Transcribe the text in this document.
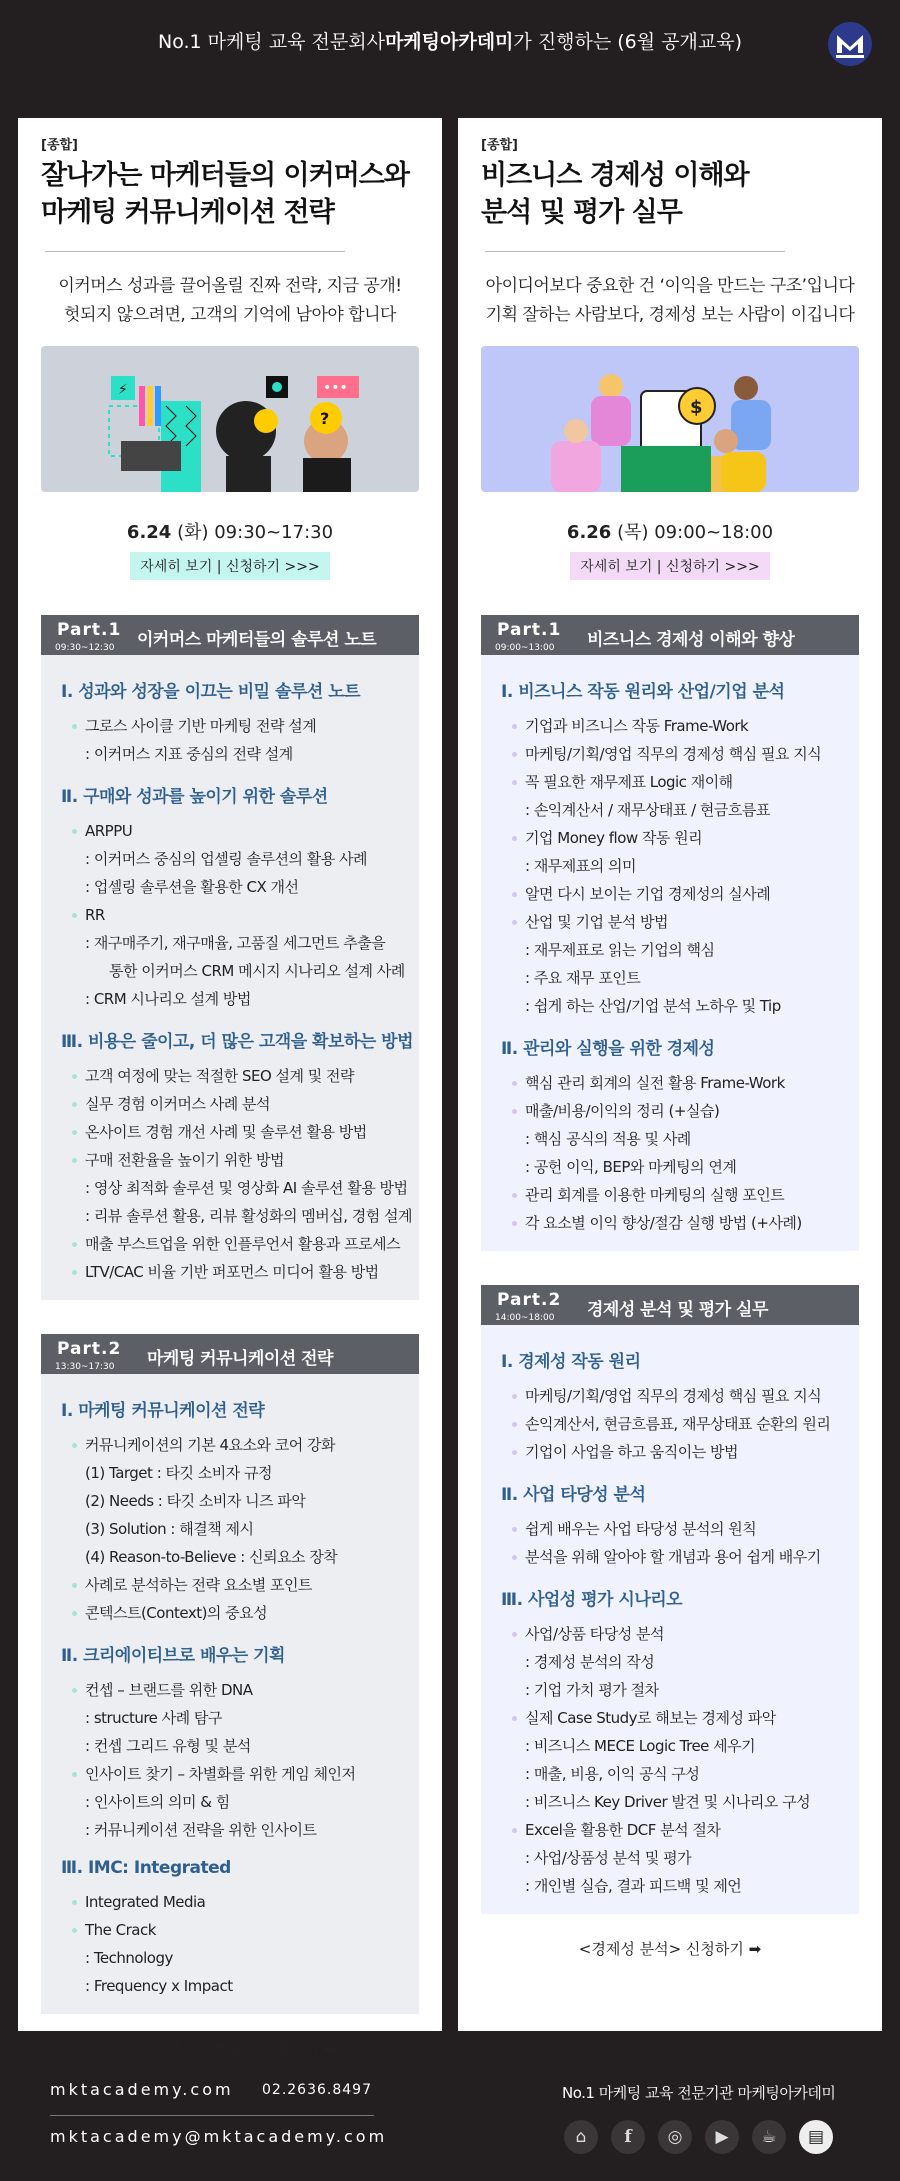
No.1 마케팅 교육 전문회사 마케팅아카데미 가 진행하는 (6월 공개교육)
[종합]
잘나가는 마케터들의 이커머스와
마케팅 커뮤니케이션 전략
이커머스 성과를 끌어올릴 진짜 전략, 지금 공개!
헛되지 않으려면, 고객의 기억에 남아야 합니다
⚡	•••
?
6.24 (화) 09:30~17:30
자세히 보기 | 신청하기 >>>
Part.1
09:30~12:30 이커머스 마케터들의 솔루션 노트
Ⅰ. 성과와 성장을 이끄는 비밀 솔루션 노트
그로스 사이클 기반 마케팅 전략 설계
: 이커머스 지표 중심의 전략 설계
Ⅱ. 구매와 성과를 높이기 위한 솔루션
ARPPU
: 이커머스 중심의 업셀링 솔루션의 활용 사례
: 업셀링 솔루션을 활용한 CX 개선
RR
: 재구매주기, 재구매율, 고품질 세그먼트 추출을
통한 이커머스 CRM 메시지 시나리오 설계 사례
: CRM 시나리오 설계 방법
Ⅲ. 비용은 줄이고, 더 많은 고객을 확보하는 방법
고객 여정에 맞는 적절한 SEO 설계 및 전략
실무 경험 이커머스 사례 분석
온사이트 경험 개선 사례 및 솔루션 활용 방법
구매 전환율을 높이기 위한 방법
: 영상 최적화 솔루션 및 영상화 AI 솔루션 활용 방법
: 리뷰 솔루션 활용, 리뷰 활성화의 멤버십, 경험 설계
매출 부스트업을 위한 인플루언서 활용과 프로세스
LTV/CAC 비율 기반 퍼포먼스 미디어 활용 방법
Part.2
13:30~17:30 마케팅 커뮤니케이션 전략
Ⅰ. 마케팅 커뮤니케이션 전략
커뮤니케이션의 기본 4요소와 코어 강화
(1) Target : 타깃 소비자 규정
(2) Needs : 타깃 소비자 니즈 파악
(3) Solution : 해결책 제시
(4) Reason-to-Believe : 신뢰요소 장착
사례로 분석하는 전략 요소별 포인트
콘텍스트(Context)의 중요성
Ⅱ. 크리에이티브로 배우는 기획
컨셉 – 브랜드를 위한 DNA
: structure 사례 탐구
: 컨셉 그리드 유형 및 분석
인사이트 찾기 – 차별화를 위한 게임 체인저
: 인사이트의 의미 & 힘
: 커뮤니케이션 전략을 위한 인사이트
Ⅲ. IMC: Integrated
Integrated Media
The Crack
: Technology
: Frequency x Impact
<이커머스 마케팅> 신청하기 ➡
[종합]
비즈니스 경제성 이해와
분석 및 평가 실무
아이디어보다 중요한 건 ‘이익을 만드는 구조’입니다
기획 잘하는 사람보다, 경제성 보는 사람이 이깁니다
$
6.26 (목) 09:00~18:00
자세히 보기 | 신청하기 >>>
Part.1
09:00~13:00 비즈니스 경제성 이해와 향상
Ⅰ. 비즈니스 작동 원리와 산업/기업 분석
기업과 비즈니스 작동 Frame-Work
마케팅/기획/영업 직무의 경제성 핵심 필요 지식
꼭 필요한 재무제표 Logic 재이해
: 손익계산서 / 재무상태표 / 현금흐름표
기업 Money flow 작동 원리
: 재무제표의 의미
알면 다시 보이는 기업 경제성의 실사례
산업 및 기업 분석 방법
: 재무제표로 읽는 기업의 핵심
: 주요 재무 포인트
: 쉽게 하는 산업/기업 분석 노하우 및 Tip
Ⅱ. 관리와 실행을 위한 경제성
핵심 관리 회계의 실전 활용 Frame-Work
매출/비용/이익의 정리 (+실습)
: 핵심 공식의 적용 및 사례
: 공헌 이익, BEP와 마케팅의 연계
관리 회계를 이용한 마케팅의 실행 포인트
각 요소별 이익 향상/절감 실행 방법 (+사례)
Part.2
14:00~18:00 경제성 분석 및 평가 실무
Ⅰ. 경제성 작동 원리
마케팅/기획/영업 직무의 경제성 핵심 필요 지식
손익계산서, 현금흐름표, 재무상태표 순환의 원리
기업이 사업을 하고 움직이는 방법
Ⅱ. 사업 타당성 분석
쉽게 배우는 사업 타당성 분석의 원칙
분석을 위해 알아야 할 개념과 용어 쉽게 배우기
Ⅲ. 사업성 평가 시나리오
사업/상품 타당성 분석
: 경제성 분석의 작성
: 기업 가치 평가 절차
실제 Case Study로 해보는 경제성 파악
: 비즈니스 MECE Logic Tree 세우기
: 매출, 비용, 이익 공식 구성
: 비즈니스 Key Driver 발견 및 시나리오 구성
Excel을 활용한 DCF 분석 절차
: 사업/상품성 분석 및 평가
: 개인별 실습, 결과 피드백 및 제언
<경제성 분석> 신청하기 ➡
mktacademy.com 02.2636.8497
mktacademy@mktacademy.com
No.1 마케팅 교육 전문기관 마케팅아카데미
⌂	f	◎	▶	☕	▤
